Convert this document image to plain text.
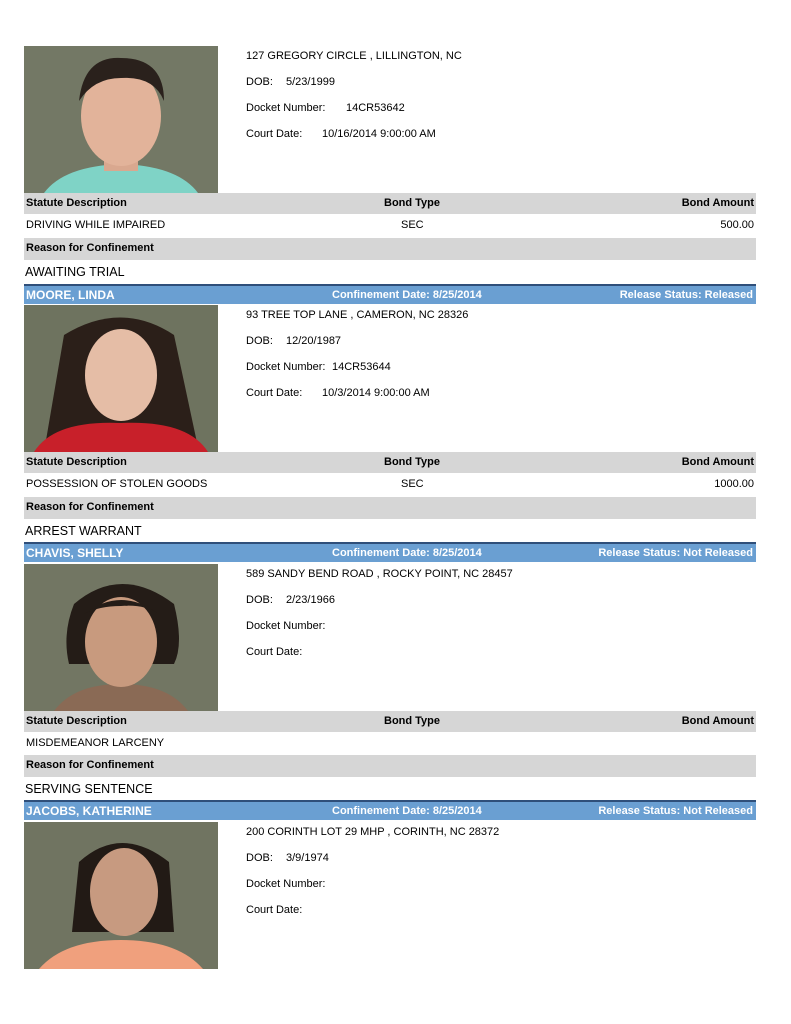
127 GREGORY CIRCLE , LILLINGTON, NC
DOB: 5/23/1999
Docket Number: 14CR53642
Court Date: 10/16/2014 9:00:00 AM
Statute Description	Bond Type	Bond Amount
DRIVING WHILE IMPAIRED	SEC	500.00
Reason for Confinement
AWAITING TRIAL
MOORE, LINDA	Confinement Date: 8/25/2014	Release Status: Released
93 TREE TOP LANE , CAMERON, NC 28326
DOB: 12/20/1987
Docket Number: 14CR53644
Court Date: 10/3/2014 9:00:00 AM
Statute Description	Bond Type	Bond Amount
POSSESSION OF STOLEN GOODS	SEC	1000.00
Reason for Confinement
ARREST WARRANT
CHAVIS, SHELLY	Confinement Date: 8/25/2014	Release Status: Not Released
589 SANDY BEND ROAD , ROCKY POINT, NC 28457
DOB: 2/23/1966
Docket Number:
Court Date:
Statute Description	Bond Type	Bond Amount
MISDEMEANOR LARCENY
Reason for Confinement
SERVING SENTENCE
JACOBS, KATHERINE	Confinement Date: 8/25/2014	Release Status: Not Released
200 CORINTH LOT 29 MHP , CORINTH, NC 28372
DOB: 3/9/1974
Docket Number:
Court Date:
